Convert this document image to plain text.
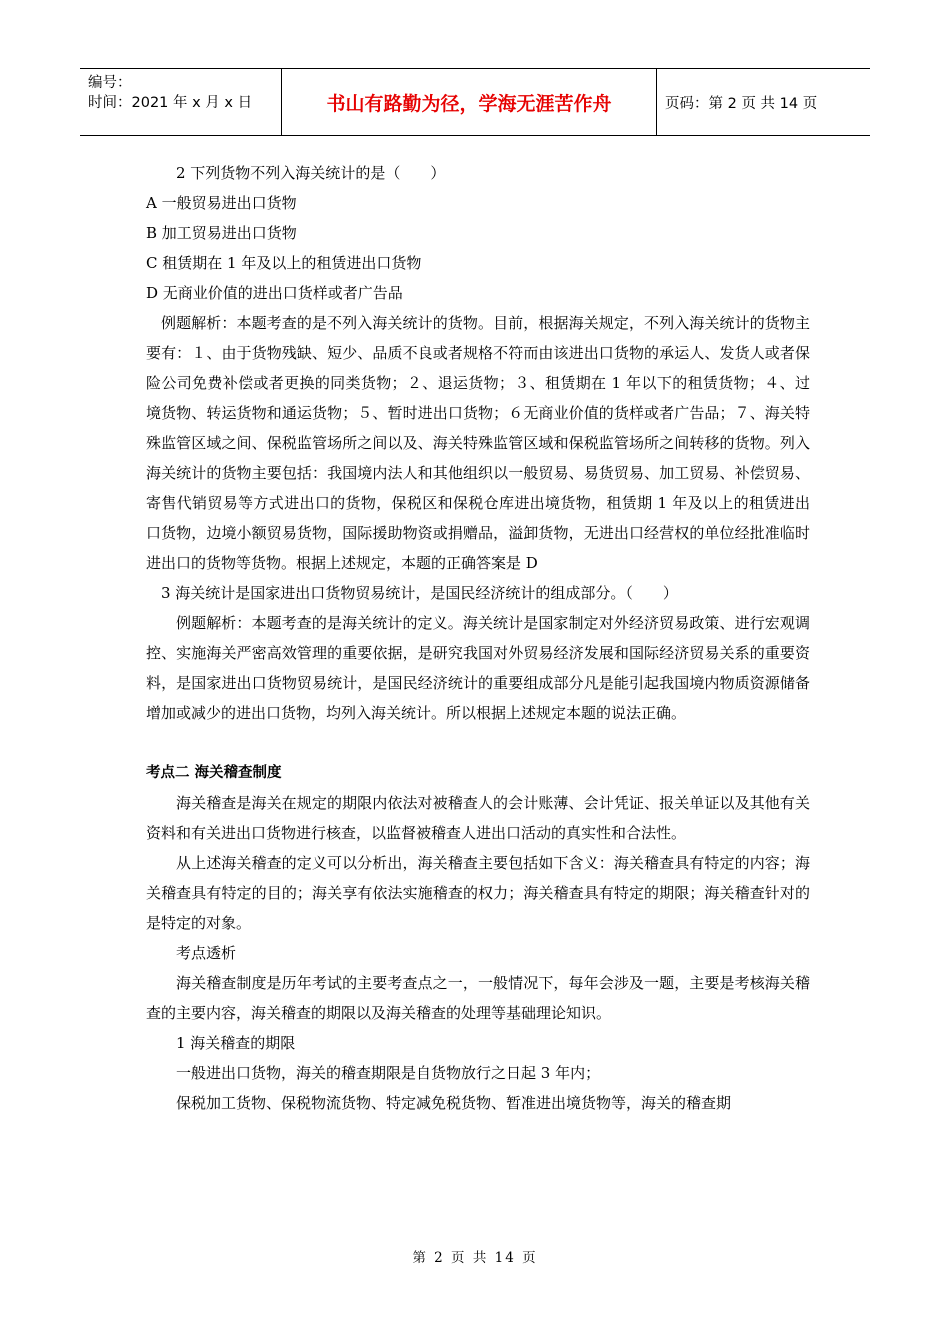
编号：
时间：2021 年 x 月 x 日	书山有路勤为径，学海无涯苦作舟	页码：第 2 页 共 14 页

2 下列货物不列入海关统计的是（　　）

A 一般贸易进出口货物

B 加工贸易进出口货物

C 租赁期在 1 年及以上的租赁进出口货物

D 无商业价值的进出口货样或者广告品

例题解析：本题考查的是不列入海关统计的货物。目前，根据海关规定，不列入海关统计的货物主要有：１、由于货物残缺、短少、品质不良或者规格不符而由该进出口货物的承运人、发货人或者保险公司免费补偿或者更换的同类货物；２、退运货物；３、租赁期在 1 年以下的租赁货物；４、过境货物、转运货物和通运货物；５、暂时进出口货物；６无商业价值的货样或者广告品；７、海关特殊监管区域之间、保税监管场所之间以及、海关特殊监管区域和保税监管场所之间转移的货物。列入海关统计的货物主要包括：我国境内法人和其他组织以一般贸易、易货贸易、加工贸易、补偿贸易、寄售代销贸易等方式进出口的货物，保税区和保税仓库进出境货物，租赁期 1 年及以上的租赁进出口货物，边境小额贸易货物，国际援助物资或捐赠品，溢卸货物，无进出口经营权的单位经批准临时进出口的货物等货物。根据上述规定，本题的正确答案是 D

3 海关统计是国家进出口货物贸易统计，是国民经济统计的组成部分。（　　）

例题解析：本题考查的是海关统计的定义。海关统计是国家制定对外经济贸易政策、进行宏观调控、实施海关严密高效管理的重要依据，是研究我国对外贸易经济发展和国际经济贸易关系的重要资料，是国家进出口货物贸易统计，是国民经济统计的重要组成部分凡是能引起我国境内物质资源储备增加或减少的进出口货物，均列入海关统计。所以根据上述规定本题的说法正确。

考点二 海关稽查制度

海关稽查是海关在规定的期限内依法对被稽查人的会计账薄、会计凭证、报关单证以及其他有关资料和有关进出口货物进行核查，以监督被稽查人进出口活动的真实性和合法性。

从上述海关稽查的定义可以分析出，海关稽查主要包括如下含义：海关稽查具有特定的内容；海关稽查具有特定的目的；海关享有依法实施稽查的权力；海关稽查具有特定的期限；海关稽查针对的是特定的对象。

考点透析

海关稽查制度是历年考试的主要考查点之一，一般情况下，每年会涉及一题，主要是考核海关稽查的主要内容，海关稽查的期限以及海关稽查的处理等基础理论知识。

1 海关稽查的期限

一般进出口货物，海关的稽查期限是自货物放行之日起 3 年内；

保税加工货物、保税物流货物、特定减免税货物、暂准进出境货物等，海关的稽查期

第 2 页 共 14 页
